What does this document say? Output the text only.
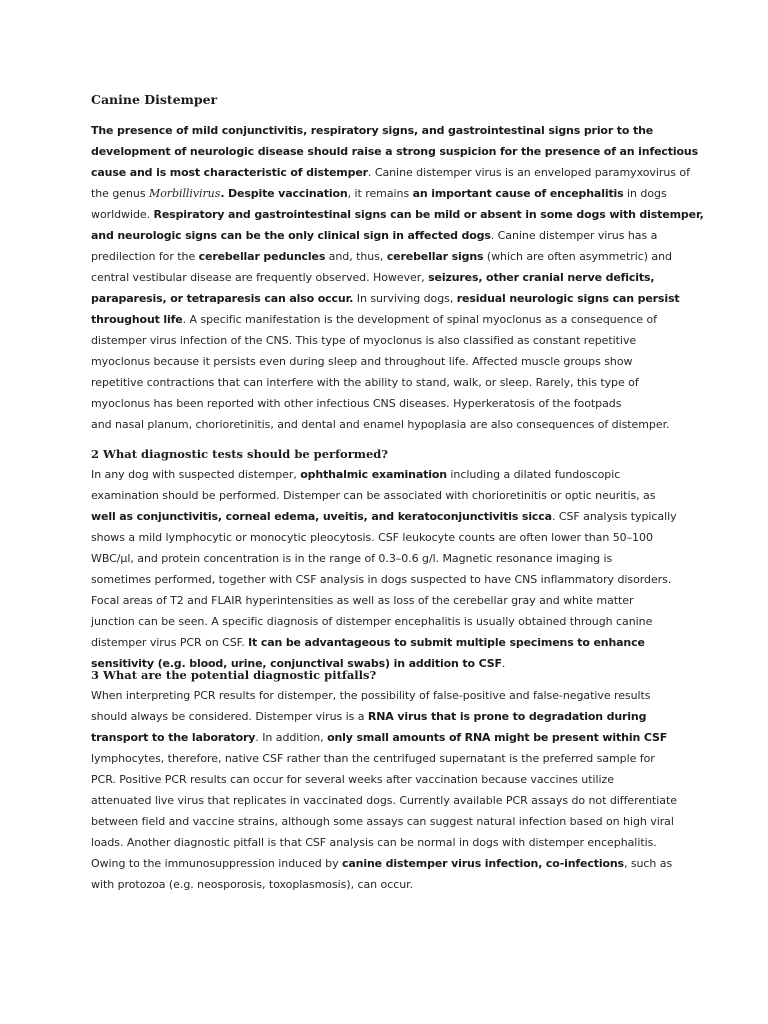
Canine Distemper
The presence of mild conjunctivitis, respiratory signs, and gastrointestinal signs prior to the
development of neurologic disease should raise a strong suspicion for the presence of an infectious
cause and is most characteristic of distemper. Canine distemper virus is an enveloped paramyxovirus of
the genus Morbillivirus. Despite vaccination, it remains an important cause of encephalitis in dogs
worldwide. Respiratory and gastrointestinal signs can be mild or absent in some dogs with distemper,
and neurologic signs can be the only clinical sign in affected dogs. Canine distemper virus has a
predilection for the cerebellar peduncles and, thus, cerebellar signs (which are often asymmetric) and
central vestibular disease are frequently observed. However, seizures, other cranial nerve deficits,
paraparesis, or tetraparesis can also occur. In surviving dogs, residual neurologic signs can persist
throughout life. A specific manifestation is the development of spinal myoclonus as a consequence of
distemper virus infection of the CNS. This type of myoclonus is also classified as constant repetitive
myoclonus because it persists even during sleep and throughout life. Affected muscle groups show
repetitive contractions that can interfere with the ability to stand, walk, or sleep. Rarely, this type of
myoclonus has been reported with other infectious CNS diseases. Hyperkeratosis of the footpads
and nasal planum, chorioretinitis, and dental and enamel hypoplasia are also consequences of distemper.
2 What diagnostic tests should be performed?
In any dog with suspected distemper, ophthalmic examination including a dilated fundoscopic
examination should be performed. Distemper can be associated with chorioretinitis or optic neuritis, as
well as conjunctivitis, corneal edema, uveitis, and keratoconjunctivitis sicca. CSF analysis typically
shows a mild lymphocytic or monocytic pleocytosis. CSF leukocyte counts are often lower than 50–100
WBC/μl, and protein concentration is in the range of 0.3–0.6 g/l. Magnetic resonance imaging is
sometimes performed, together with CSF analysis in dogs suspected to have CNS inflammatory disorders.
Focal areas of T2 and FLAIR hyperintensities as well as loss of the cerebellar gray and white matter
junction can be seen. A specific diagnosis of distemper encephalitis is usually obtained through canine
distemper virus PCR on CSF. It can be advantageous to submit multiple specimens to enhance
sensitivity (e.g. blood, urine, conjunctival swabs) in addition to CSF.
3 What are the potential diagnostic pitfalls?
When interpreting PCR results for distemper, the possibility of false-positive and false-negative results
should always be considered. Distemper virus is a RNA virus that is prone to degradation during
transport to the laboratory. In addition, only small amounts of RNA might be present within CSF
lymphocytes, therefore, native CSF rather than the centrifuged supernatant is the preferred sample for
PCR. Positive PCR results can occur for several weeks after vaccination because vaccines utilize
attenuated live virus that replicates in vaccinated dogs. Currently available PCR assays do not differentiate
between field and vaccine strains, although some assays can suggest natural infection based on high viral
loads. Another diagnostic pitfall is that CSF analysis can be normal in dogs with distemper encephalitis.
Owing to the immunosuppression induced by canine distemper virus infection, co-infections, such as
with protozoa (e.g. neosporosis, toxoplasmosis), can occur.
